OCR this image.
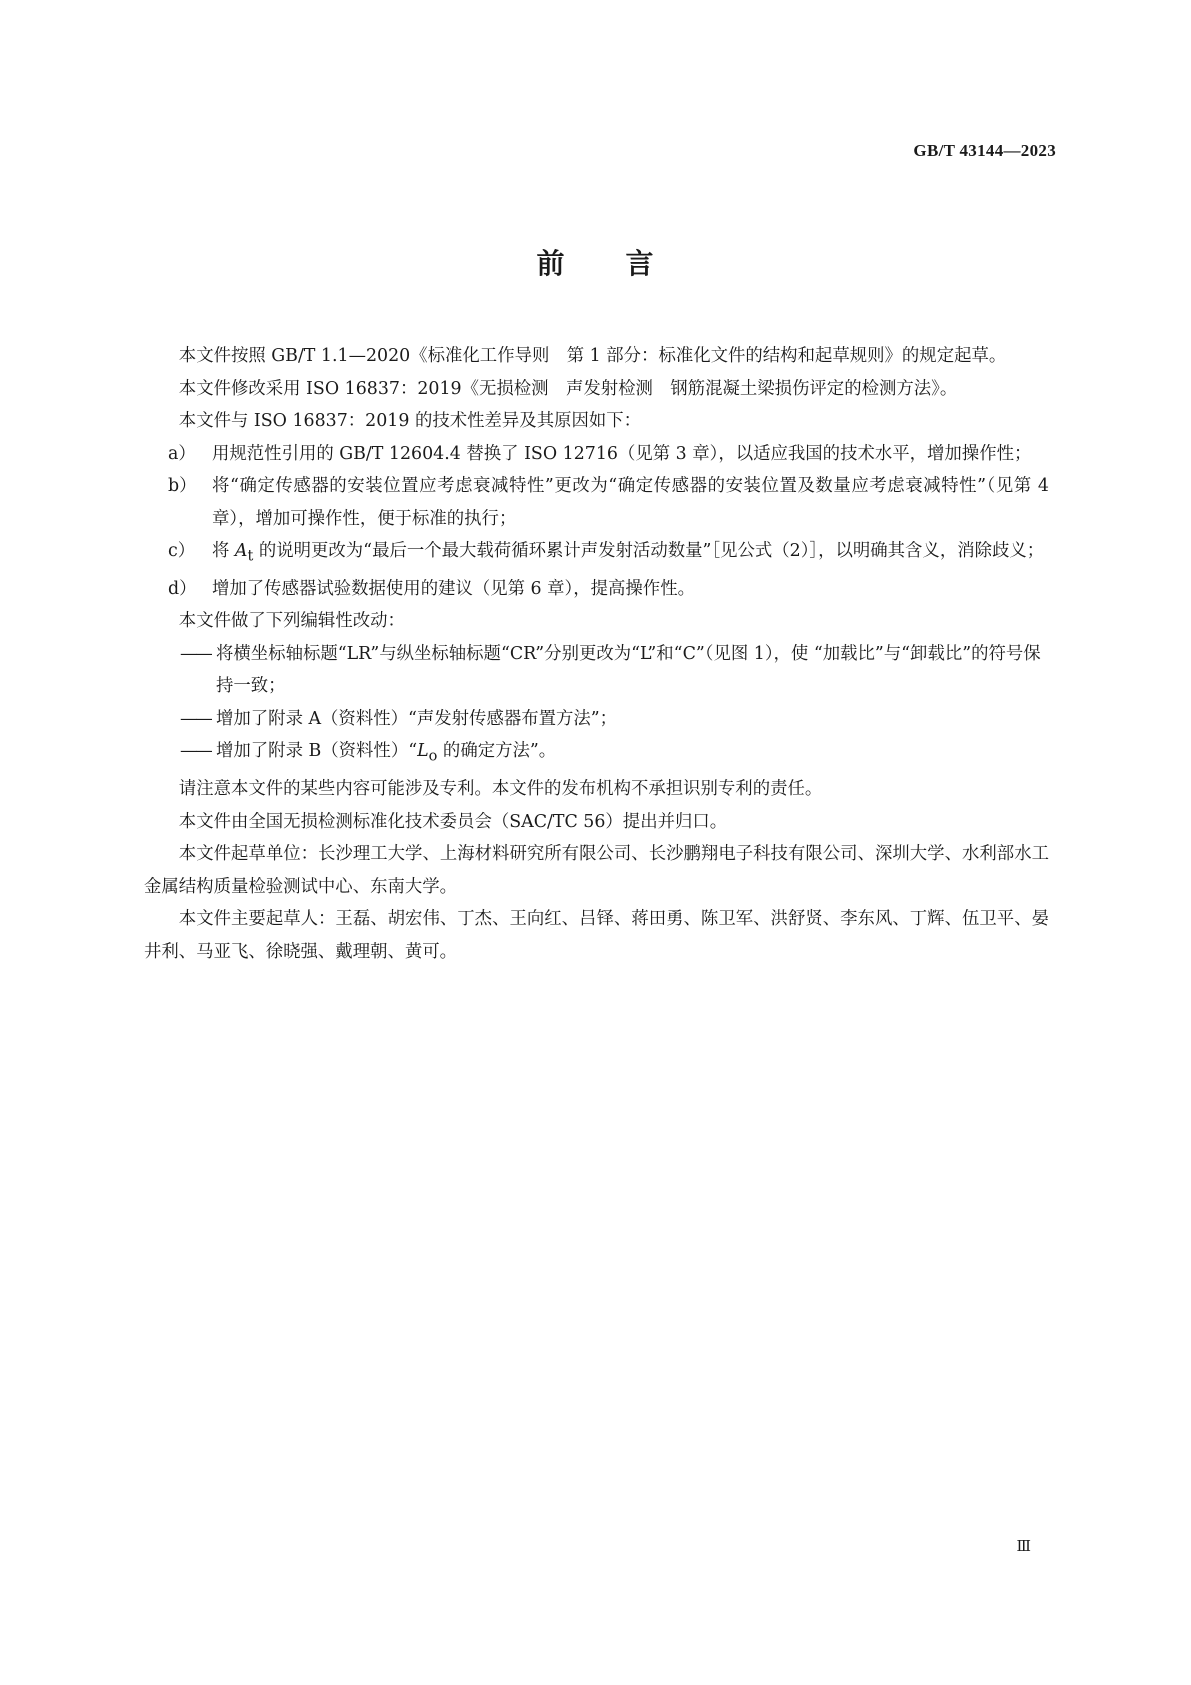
GB/T 43144—2023
前 言

本文件按照 GB/T 1.1—2020《标准化工作导则　第 1 部分：标准化文件的结构和起草规则》的规定起草。

本文件修改采用 ISO 16837：2019《无损检测　声发射检测　钢筋混凝土梁损伤评定的检测方法》。

本文件与 ISO 16837：2019 的技术性差异及其原因如下：

a） 用规范性引用的 GB/T 12604.4 替换了 ISO 12716（见第 3 章），以适应我国的技术水平，增加操作性；
b） 将“确定传感器的安装位置应考虑衰减特性”更改为“确定传感器的安装位置及数量应考虑衰减特性”（见第 4 章），增加可操作性，便于标准的执行；
c） 将 $A_t$ 的说明更改为“最后一个最大载荷循环累计声发射活动数量”［见公式（2）］，以明确其含义，消除歧义；
d） 增加了传感器试验数据使用的建议（见第 6 章），提高操作性。

本文件做了下列编辑性改动：

—— 将横坐标轴标题“LR”与纵坐标轴标题“CR”分别更改为“L”和“C”（见图 1），使 “加载比”与“卸载比”的符号保持一致；
—— 增加了附录 A（资料性）“声发射传感器布置方法”；
—— 增加了附录 B（资料性）“$L_o$ 的确定方法”。

请注意本文件的某些内容可能涉及专利。本文件的发布机构不承担识别专利的责任。

本文件由全国无损检测标准化技术委员会（SAC/TC 56）提出并归口。

本文件起草单位：长沙理工大学、上海材料研究所有限公司、长沙鹏翔电子科技有限公司、深圳大学、水利部水工金属结构质量检验测试中心、东南大学。

本文件主要起草人：王磊、胡宏伟、丁杰、王向红、吕铎、蒋田勇、陈卫军、洪舒贤、李东风、丁辉、伍卫平、晏井利、马亚飞、徐晓强、戴理朝、黄可。

Ⅲ
